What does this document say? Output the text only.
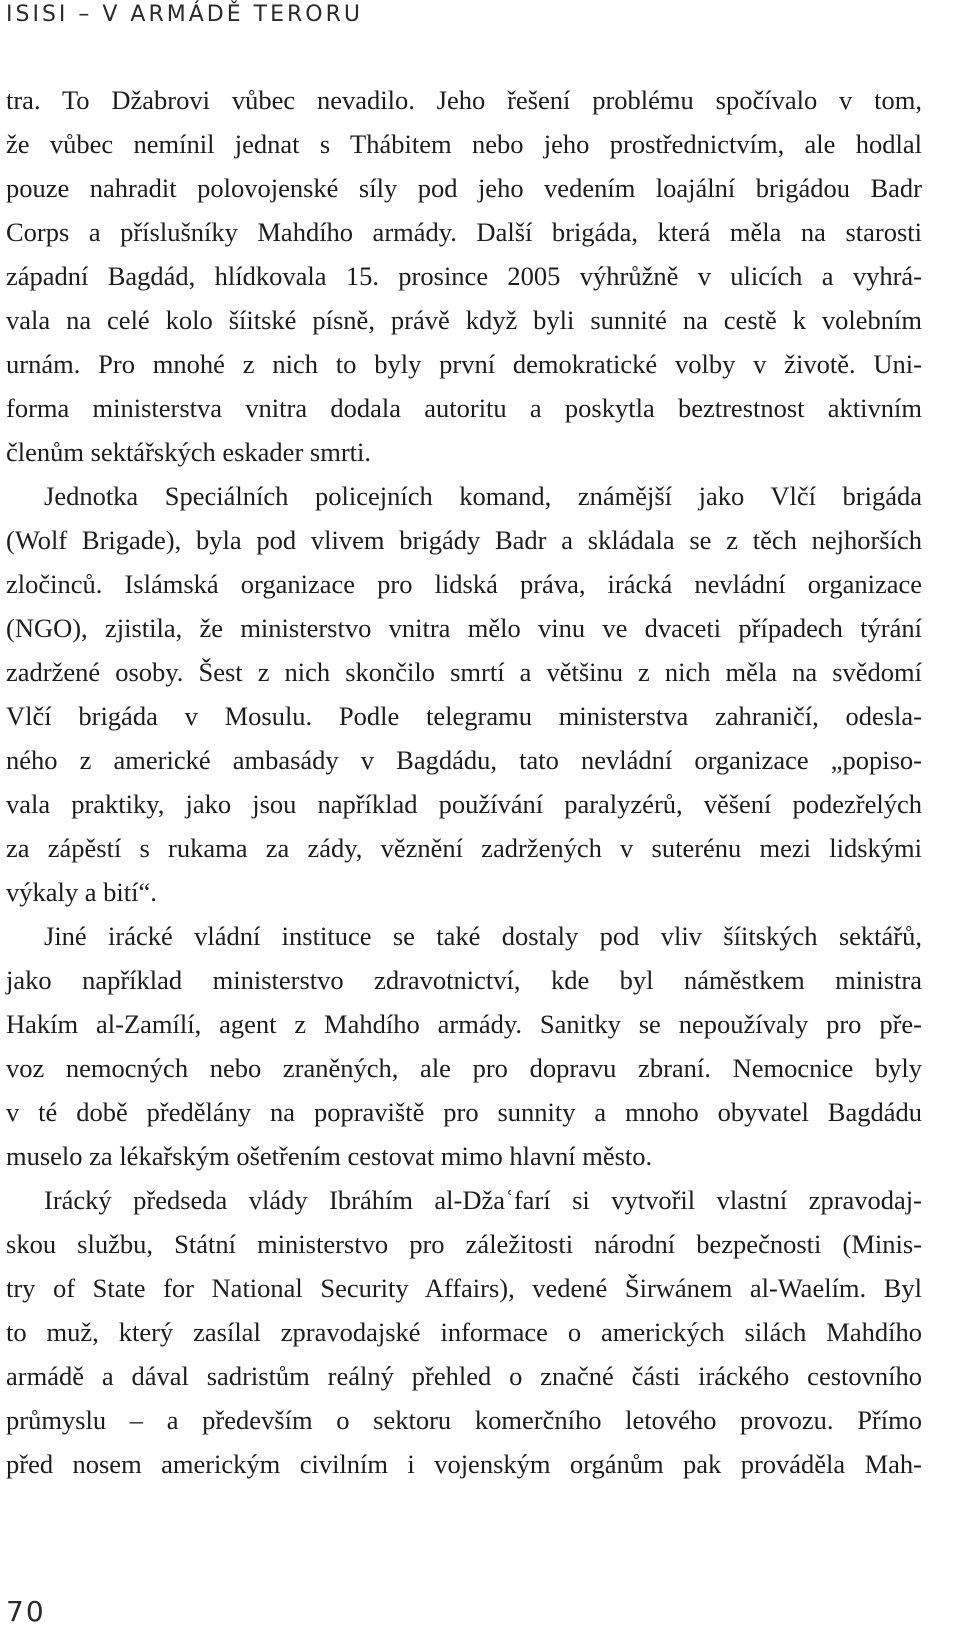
ISISI – V ARMÁDĚ TERORU
tra. To Džabrovi vůbec nevadilo. Jeho řešení problému spočívalo v tom,
že vůbec nemínil jednat s Thábitem nebo jeho prostřednictvím, ale hodlal
pouze nahradit polovojenské síly pod jeho vedením loajální brigádou Badr
Corps a příslušníky Mahdího armády. Další brigáda, která měla na starosti
západní Bagdád, hlídkovala 15. prosince 2005 výhrůžně v ulicích a vyhrá-
vala na celé kolo šíitské písně, právě když byli sunnité na cestě k volebním
urnám. Pro mnohé z nich to byly první demokratické volby v životě. Uni-
forma ministerstva vnitra dodala autoritu a poskytla beztrestnost aktivním
členům sektářských eskader smrti.
Jednotka Speciálních policejních komand, známější jako Vlčí brigáda
(Wolf Brigade), byla pod vlivem brigády Badr a skládala se z těch nejhorších
zločinců. Islámská organizace pro lidská práva, irácká nevládní organizace
(NGO), zjistila, že ministerstvo vnitra mělo vinu ve dvaceti případech týrání
zadržené osoby. Šest z nich skončilo smrtí a většinu z nich měla na svědomí
Vlčí brigáda v Mosulu. Podle telegramu ministerstva zahraničí, odesla-
ného z americké ambasády v Bagdádu, tato nevládní organizace „popiso-
vala praktiky, jako jsou například používání paralyzérů, věšení podezřelých
za zápěstí s rukama za zády, věznění zadržených v suterénu mezi lidskými
výkaly a bití“.
Jiné irácké vládní instituce se také dostaly pod vliv šíitských sektářů,
jako například ministerstvo zdravotnictví, kde byl náměstkem ministra
Hakím al-Zamílí, agent z Mahdího armády. Sanitky se nepoužívaly pro pře-
voz nemocných nebo zraněných, ale pro dopravu zbraní. Nemocnice byly
v té době předělány na popraviště pro sunnity a mnoho obyvatel Bagdádu
muselo za lékařským ošetřením cestovat mimo hlavní město.
Irácký předseda vlády Ibráhím al-Džaʿfarí si vytvořil vlastní zpravodaj-
skou službu, Státní ministerstvo pro záležitosti národní bezpečnosti (Minis-
try of State for National Security Affairs), vedené Širwánem al-Waelím. Byl
to muž, který zasílal zpravodajské informace o amerických silách Mahdího
armádě a dával sadristům reálný přehled o značné části iráckého cestovního
průmyslu – a především o sektoru komerčního letového provozu. Přímo
před nosem americkým civilním i vojenským orgánům pak prováděla Mah-
70
